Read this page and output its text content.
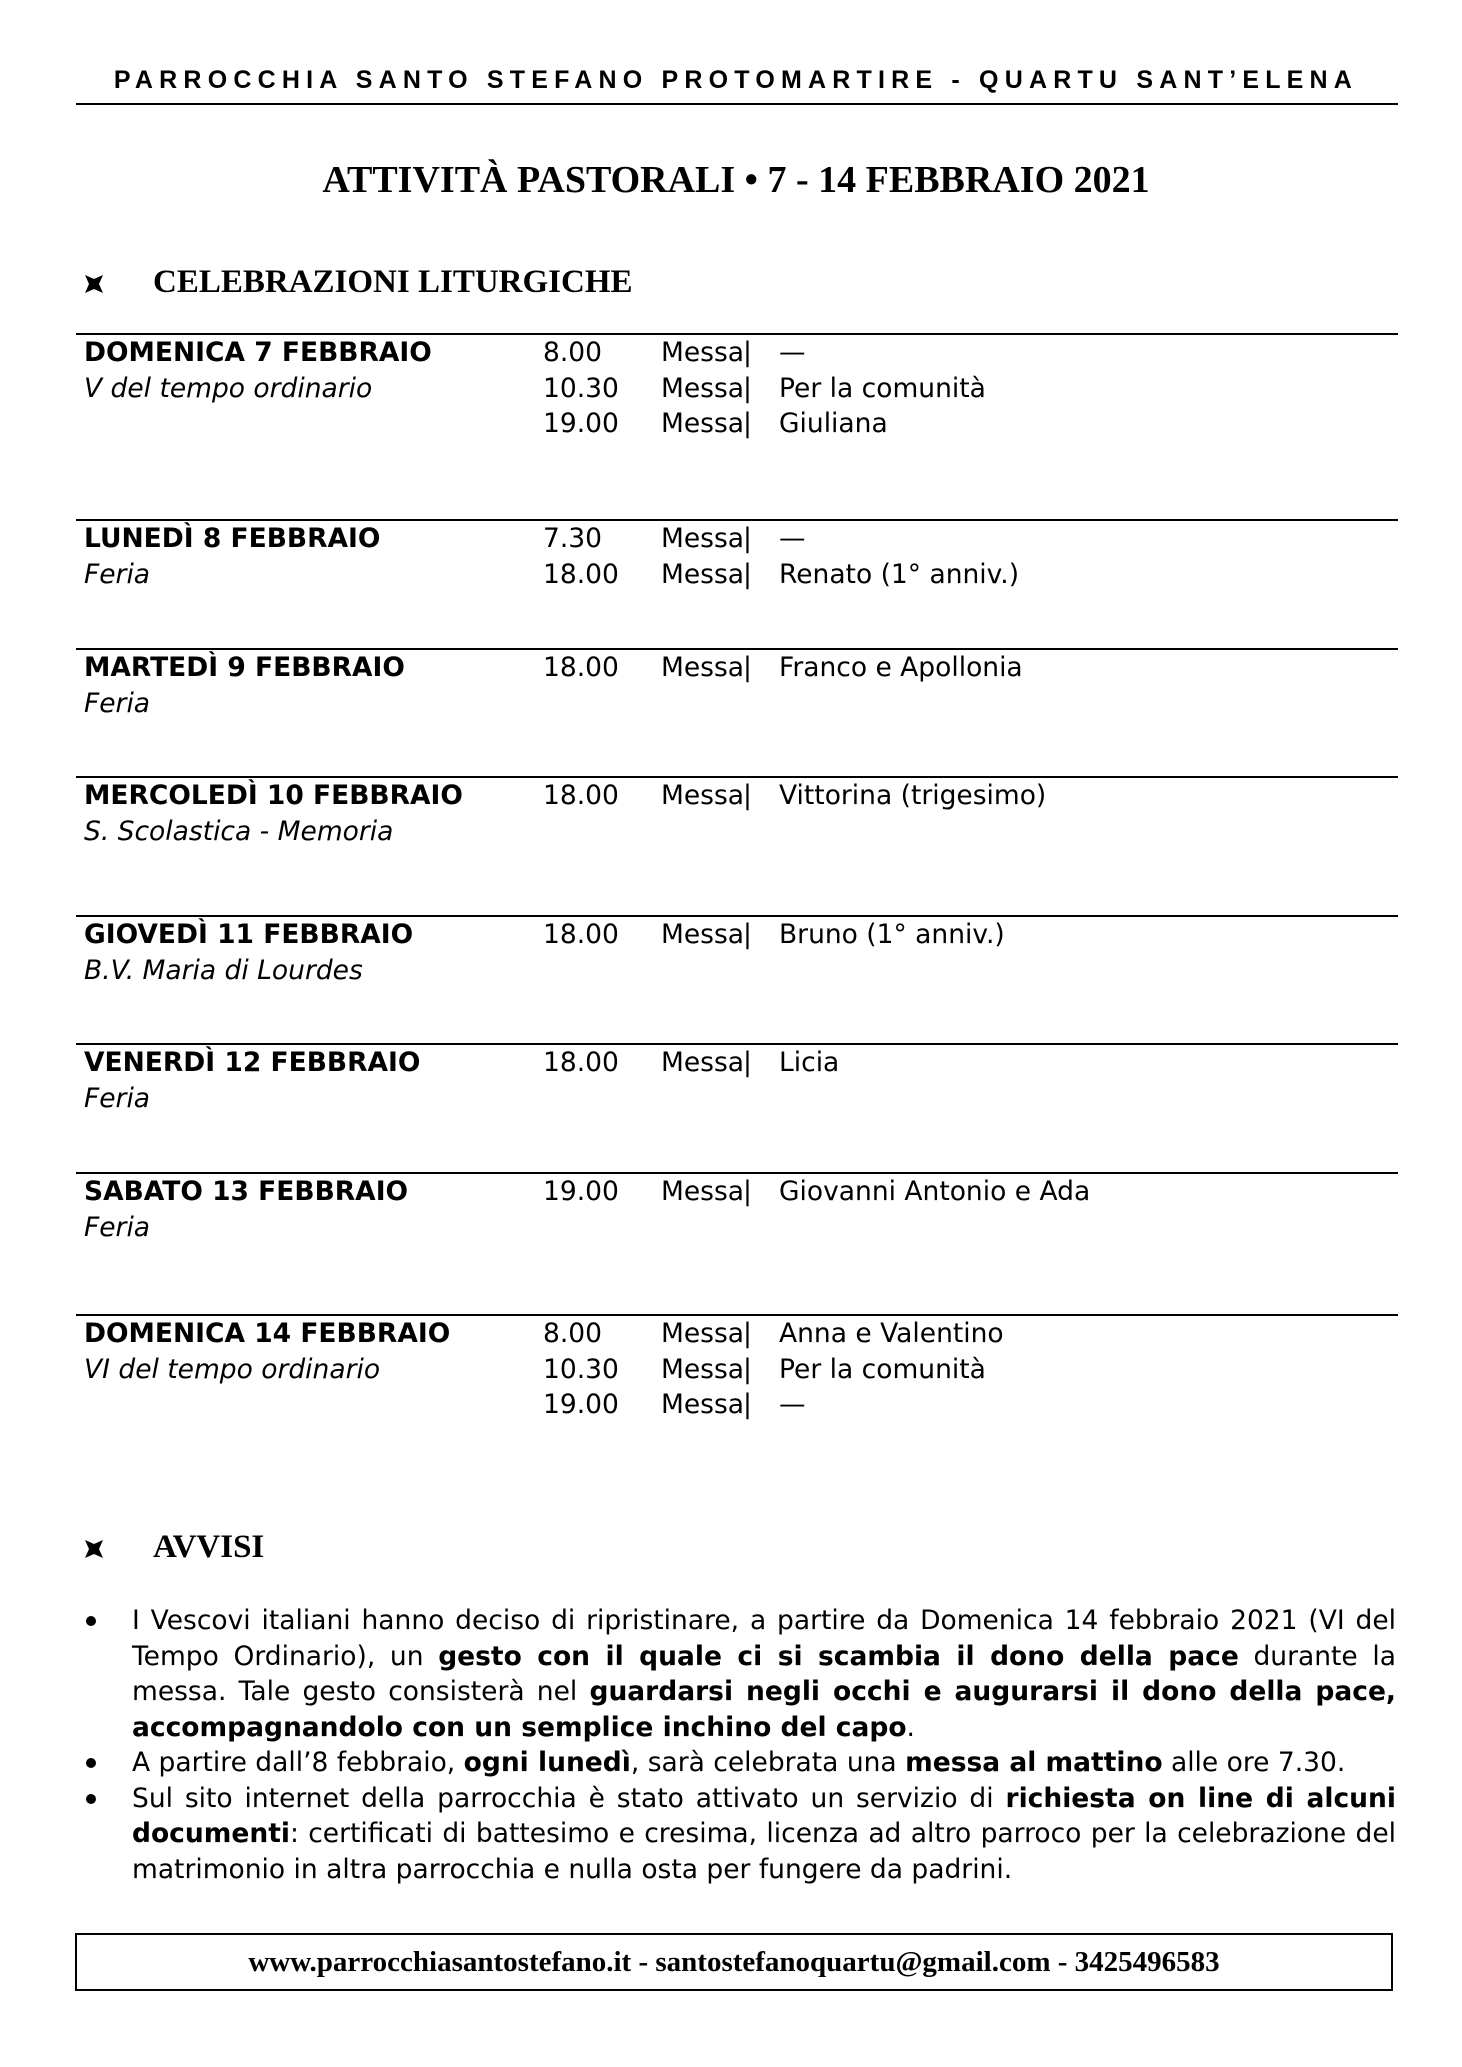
PARROCCHIA SANTO STEFANO PROTOMARTIRE - QUARTU SANT’ELENA
ATTIVITÀ PASTORALI • 7 - 14 FEBBRAIO 2021
CELEBRAZIONI LITURGICHE
DOMENICA 7 FEBBRAIO
V del tempo ordinario
8.00 Messa
| —
10.30 Messa
| Per la comunità
19.00 Messa
| Giuliana
LUNEDÌ 8 FEBBRAIO
Feria
7.30 Messa
| —
18.00 Messa
| Renato (1° anniv.)
MARTEDÌ 9 FEBBRAIO
Feria
18.00 Messa
| Franco e Apollonia
MERCOLEDÌ 10 FEBBRAIO
S. Scolastica - Memoria
18.00 Messa
| Vittorina (trigesimo)
GIOVEDÌ 11 FEBBRAIO
B.V. Maria di Lourdes
18.00 Messa
| Bruno (1° anniv.)
VENERDÌ 12 FEBBRAIO
Feria
18.00 Messa
| Licia
SABATO 13 FEBBRAIO
Feria
19.00 Messa
| Giovanni Antonio e Ada
DOMENICA 14 FEBBRAIO
VI del tempo ordinario
8.00 Messa
| Anna e Valentino
10.30 Messa
| Per la comunità
19.00 Messa
| —
AVVISI
I Vescovi italiani hanno deciso di ripristinare, a partire da Domenica 14 febbraio 2021 (VI del Tempo Ordinario), un gesto con il quale ci si scambia il dono della pace durante la messa. Tale gesto consisterà nel guardarsi negli occhi e augurarsi il dono della pace, accompagnandolo con un semplice inchino del capo.
A partire dall’8 febbraio, ogni lunedì, sarà celebrata una messa al mattino alle ore 7.30.
Sul sito internet della parrocchia è stato attivato un servizio di richiesta on line di alcuni documenti: certificati di battesimo e cresima, licenza ad altro parroco per la celebrazione del matrimonio in altra parrocchia e nulla osta per fungere da padrini.
www.parrocchiasantostefano.it - santostefanoquartu@gmail.com - 3425496583
